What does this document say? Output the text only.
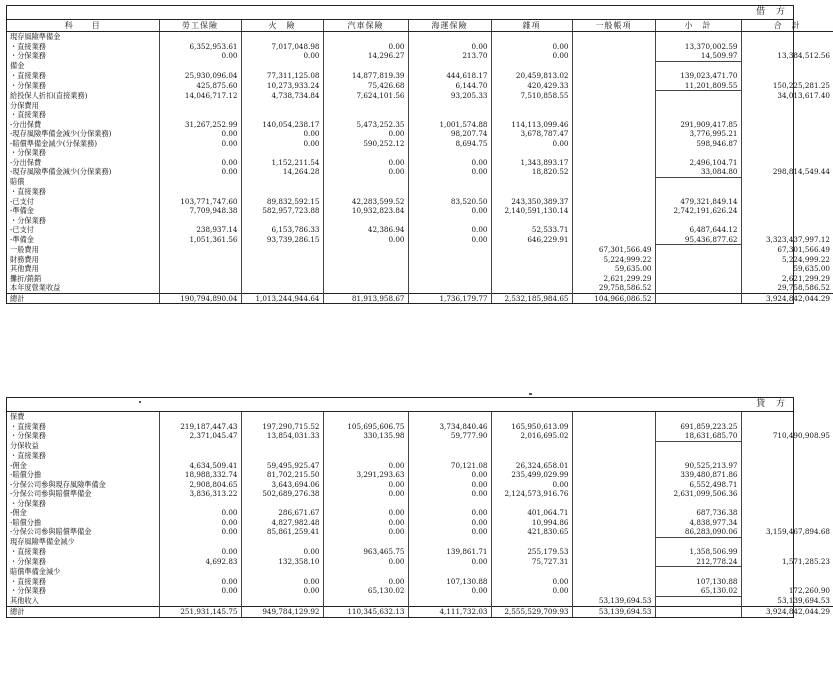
借 方
科　　目	勞工保險	火　險	汽車保險	海運保險	雜項	一般帳項	小　計	合　計
現存風險準備金								
・直接業務	6,352,953.61	7,017,048.98	0.00	0.00	0.00		13,370,002.59	
・分保業務	0.00	0.00	14,296.27	213.70	0.00		14,509.97	13,384,512.56
備金								
・直接業務	25,930,096.04	77,311,125.08	14,877,819.39	444,618.17	20,459,813.02		139,023,471.70	
・分保業務	425,875.60	10,273,933.24	75,426.68	6,144.70	420,429.33		11,201,809.55	150,225,281.25
給投保人折扣(直接業務)	14,046,717.12	4,738,734.84	7,624,101.56	93,205.33	7,510,858.55			34,013,617.40
分保費用								
・直接業務								
-分出保費	31,267,252.99	140,054,238.17	5,473,252.35	1,001,574.88	114,113,099.46		291,909,417.85	
-現存風險準備金減少(分保業務)	0.00	0.00	0.00	98,207.74	3,678,787.47		3,776,995.21	
-賠償準備金減少(分保業務)	0.00	0.00	590,252.12	8,694.75	0.00		598,946.87	
・分保業務								
-分出保費	0.00	1,152,211.54	0.00	0.00	1,343,893.17		2,496,104.71	
-現存風險準備金減少(分保業務)	0.00	14,264.28	0.00	0.00	18,820.52		33,084.80	298,814,549.44
賠償								
・直接業務								
-已支付	103,771,747.60	89,832,592.15	42,283,599.52	83,520.50	243,350,389.37		479,321,849.14	
-準備金	7,709,948.38	582,957,723.88	10,932,823.84	0.00	2,140,591,130.14		2,742,191,626.24	
・分保業務								
-已支付	238,937.14	6,153,786.33	42,386.94	0.00	52,533.71		6,487,644.12	
-準備金	1,051,361.56	93,739,286.15	0.00	0.00	646,229.91		95,436,877.62	3,323,437,997.12
一般費用						67,301,566.49		67,301,566.49
財務費用						5,224,999.22		5,224,999.22
其他費用						59,635.00		59,635.00
攤折/銷銷						2,621,299.29		2,621,299.29
本年度營業收益						29,758,586.52		29,758,586.52
總計	190,794,890.04	1,013,244,944.64	81,913,958.67	1,736,179.77	2,532,185,984.65	104,966,086.52		3,924,842,044.29
貸 方
保費								
・直接業務	219,187,447.43	197,290,715.52	105,695,606.75	3,734,840.46	165,950,613.09		691,859,223.25	
・分保業務	2,371,045.47	13,854,031.33	330,135.98	59,777.90	2,016,695.02		18,631,685.70	710,490,908.95
分保收益								
・直接業務								
-佣金	4,634,509.41	59,495,925.47	0.00	70,121.08	26,324,658.01		90,525,213.97	
-賠償分擔	18,988,332.74	81,702,215.50	3,291,293.63	0.00	235,499,029.99		339,480,871.86	
-分保公司參與現存風險準備金	2,908,804.65	3,643,694.06	0.00	0.00	0.00		6,552,498.71	
-分保公司參與賠償準備金	3,836,313.22	502,689,276.38	0.00	0.00	2,124,573,916.76		2,631,099,506.36	
・分保業務								
-佣金	0.00	286,671.67	0.00	0.00	401,064.71		687,736.38	
-賠償分擔	0.00	4,827,982.48	0.00	0.00	10,994.86		4,838,977.34	
-分保公司參與賠償準備金	0.00	85,861,259.41	0.00	0.00	421,830.65		86,283,090.06	3,159,467,894.68
現存風險準備金減少								
・直接業務	0.00	0.00	963,465.75	139,861.71	255,179.53		1,358,506.99	
・分保業務	4,692.83	132,358.10	0.00	0.00	75,727.31		212,778.24	1,571,285.23
賠償準備金減少								
・直接業務	0.00	0.00	0.00	107,130.88	0.00		107,130.88	
・分保業務	0.00	0.00	65,130.02	0.00	0.00		65,130.02	172,260.90
其他收入						53,139,694.53		53,139,694.53
總計	251,931,145.75	949,784,129.92	110,345,632.13	4,111,732.03	2,555,529,709.93	53,139,694.53		3,924,842,044.29
